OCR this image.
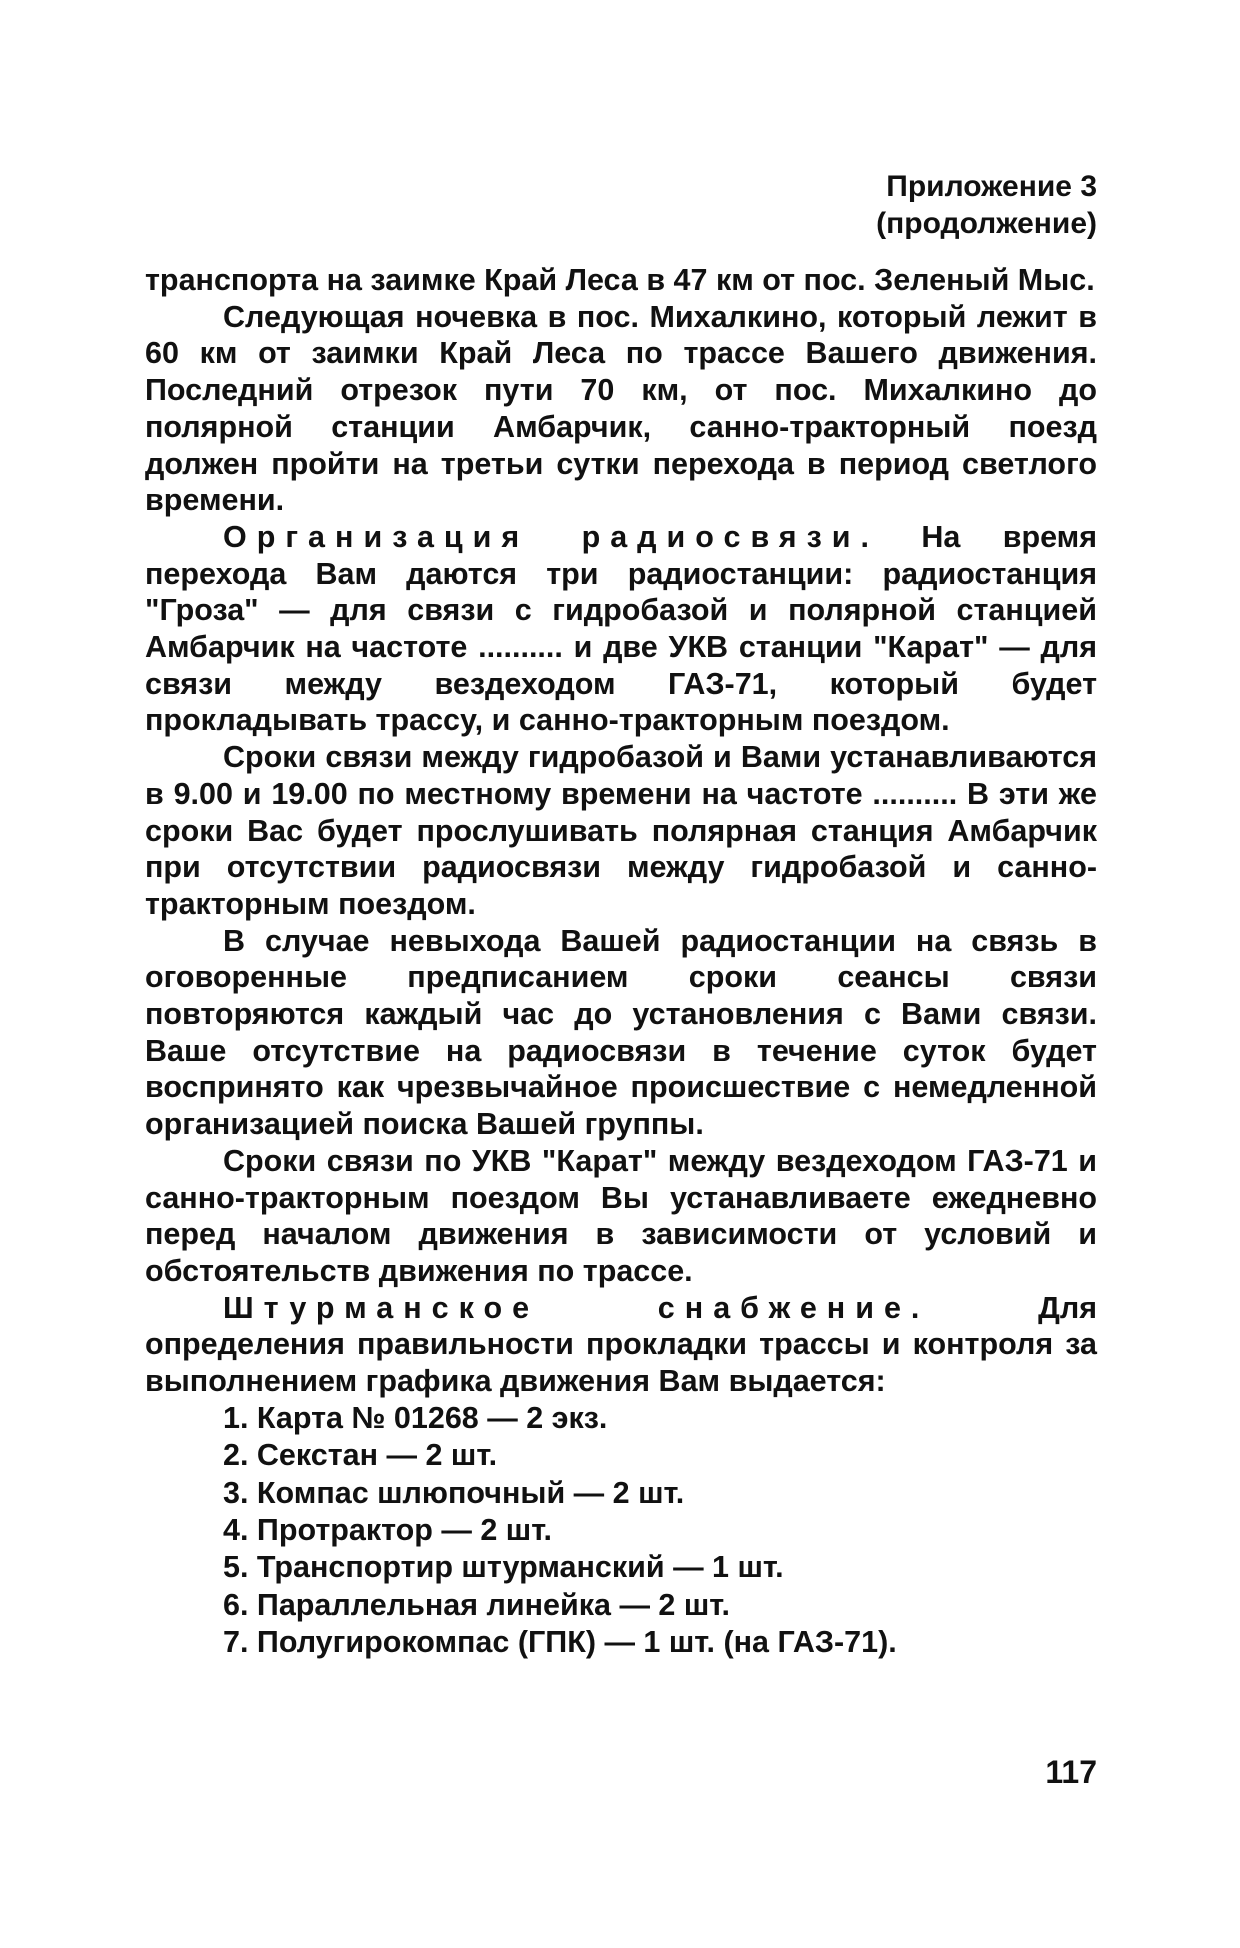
Приложение 3
(продолжение)

транспорта на заимке Край Леса в 47 км от пос. Зеленый Мыс.

Следующая ночевка в пос. Михалкино, который лежит в 60 км от заимки Край Леса по трассе Вашего движения. Последний отрезок пути 70 км, от пос. Михалкино до полярной станции Амбарчик, санно-тракторный поезд должен пройти на третьи сутки перехода в период светлого времени.

Организация радиосвязи. На время перехода Вам даются три радиостанции: радиостанция "Гроза" — для связи с гидробазой и полярной станцией Амбарчик на частоте .......... и две УКВ станции "Карат" — для связи между вездеходом ГАЗ-71, который будет прокладывать трассу, и санно-тракторным поездом.

Сроки связи между гидробазой и Вами устанавливаются в 9.00 и 19.00 по местному времени на частоте .......... В эти же сроки Вас будет прослушивать полярная станция Амбарчик при отсутствии радиосвязи между гидробазой и санно-тракторным поездом.

В случае невыхода Вашей радиостанции на связь в оговоренные предписанием сроки сеансы связи повторяются каждый час до установления с Вами связи. Ваше отсутствие на радиосвязи в течение суток будет воспринято как чрезвычайное происшествие с немедленной организацией поиска Вашей группы.

Сроки связи по УКВ "Карат" между вездеходом ГАЗ-71 и санно-тракторным поездом Вы устанавливаете ежедневно перед началом движения в зависимости от условий и обстоятельств движения по трассе.

Штурманское снабжение. Для определения правильности прокладки трассы и контроля за выполнением графика движения Вам выдается:

1. Карта № 01268 — 2 экз.
2. Секстан — 2 шт.
3. Компас шлюпочный — 2 шт.
4. Протрактор — 2 шт.
5. Транспортир штурманский — 1 шт.
6. Параллельная линейка — 2 шт.
7. Полугирокомпас (ГПК) — 1 шт. (на ГАЗ-71).
117
